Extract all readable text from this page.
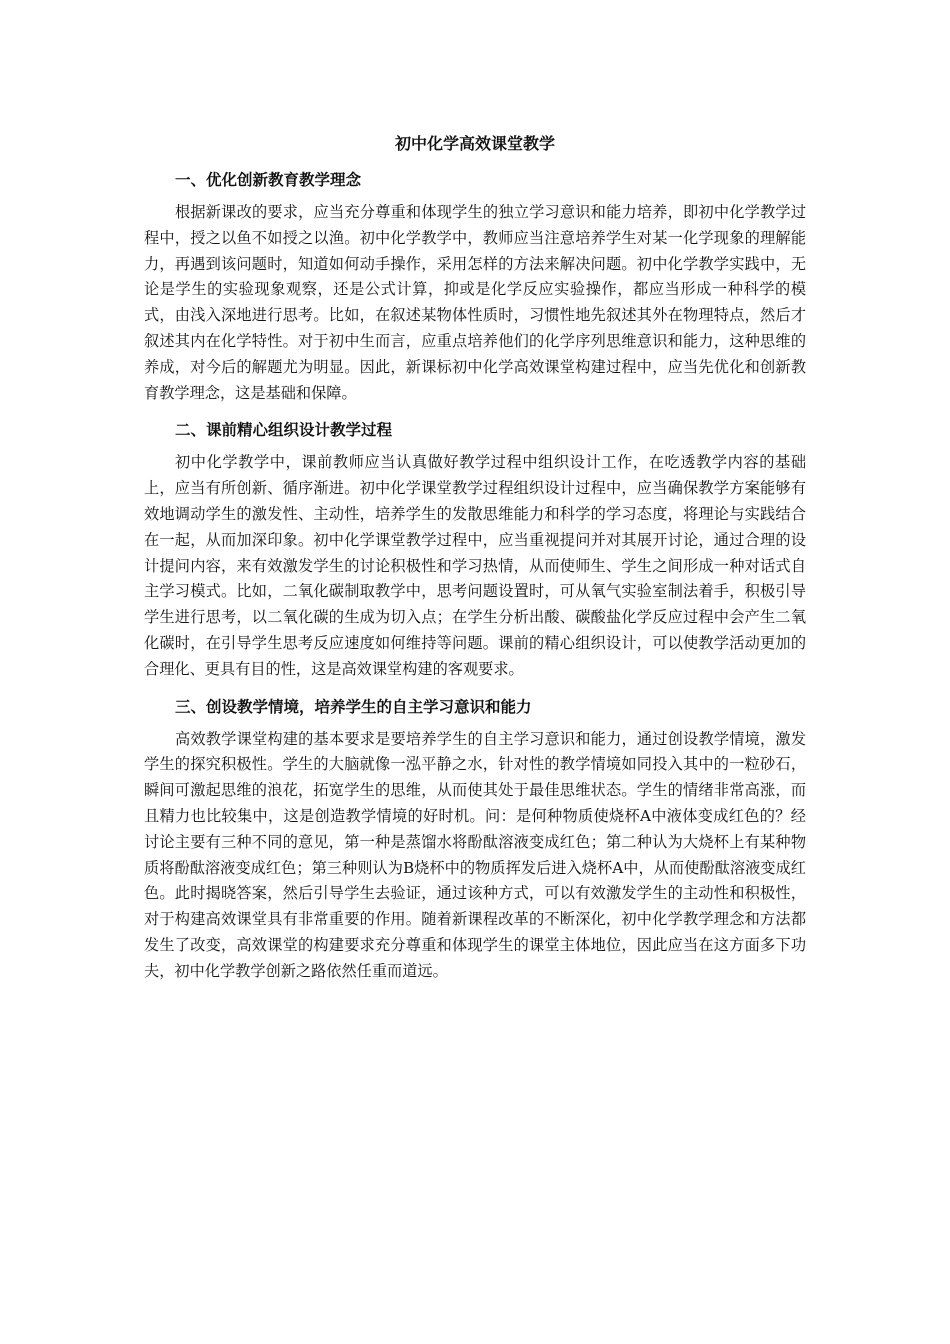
初中化学高效课堂教学
一、优化创新教育教学理念

根据新课改的要求，应当充分尊重和体现学生的独立学习意识和能力培养，即初中化学教学过程中，授之以鱼不如授之以渔。初中化学教学中，教师应当注意培养学生对某一化学现象的理解能力，再遇到该问题时，知道如何动手操作，采用怎样的方法来解决问题。初中化学教学实践中，无论是学生的实验现象观察，还是公式计算，抑或是化学反应实验操作，都应当形成一种科学的模式，由浅入深地进行思考。比如，在叙述某物体性质时，习惯性地先叙述其外在物理特点，然后才叙述其内在化学特性。对于初中生而言，应重点培养他们的化学序列思维意识和能力，这种思维的养成，对今后的解题尤为明显。因此，新课标初中化学高效课堂构建过程中，应当先优化和创新教育教学理念，这是基础和保障。

二、课前精心组织设计教学过程

初中化学教学中，课前教师应当认真做好教学过程中组织设计工作，在吃透教学内容的基础上，应当有所创新、循序渐进。初中化学课堂教学过程组织设计过程中，应当确保教学方案能够有效地调动学生的激发性、主动性，培养学生的发散思维能力和科学的学习态度，将理论与实践结合在一起，从而加深印象。初中化学课堂教学过程中，应当重视提问并对其展开讨论，通过合理的设计提问内容，来有效激发学生的讨论积极性和学习热情，从而使师生、学生之间形成一种对话式自主学习模式。比如，二氧化碳制取教学中，思考问题设置时，可从氧气实验室制法着手，积极引导学生进行思考，以二氧化碳的生成为切入点；在学生分析出酸、碳酸盐化学反应过程中会产生二氧化碳时，在引导学生思考反应速度如何维持等问题。课前的精心组织设计，可以使教学活动更加的合理化、更具有目的性，这是高效课堂构建的客观要求。

三、创设教学情境，培养学生的自主学习意识和能力

高效教学课堂构建的基本要求是要培养学生的自主学习意识和能力，通过创设教学情境，激发学生的探究积极性。学生的大脑就像一泓平静之水，针对性的教学情境如同投入其中的一粒砂石，瞬间可激起思维的浪花，拓宽学生的思维，从而使其处于最佳思维状态。学生的情绪非常高涨，而且精力也比较集中，这是创造教学情境的好时机。问：是何种物质使烧杯A中液体变成红色的？经讨论主要有三种不同的意见，第一种是蒸馏水将酚酞溶液变成红色；第二种认为大烧杯上有某种物质将酚酞溶液变成红色；第三种则认为B烧杯中的物质挥发后进入烧杯A中，从而使酚酞溶液变成红色。此时揭晓答案，然后引导学生去验证，通过该种方式，可以有效激发学生的主动性和积极性，对于构建高效课堂具有非常重要的作用。随着新课程改革的不断深化，初中化学教学理念和方法都发生了改变，高效课堂的构建要求充分尊重和体现学生的课堂主体地位，因此应当在这方面多下功夫，初中化学教学创新之路依然任重而道远。
